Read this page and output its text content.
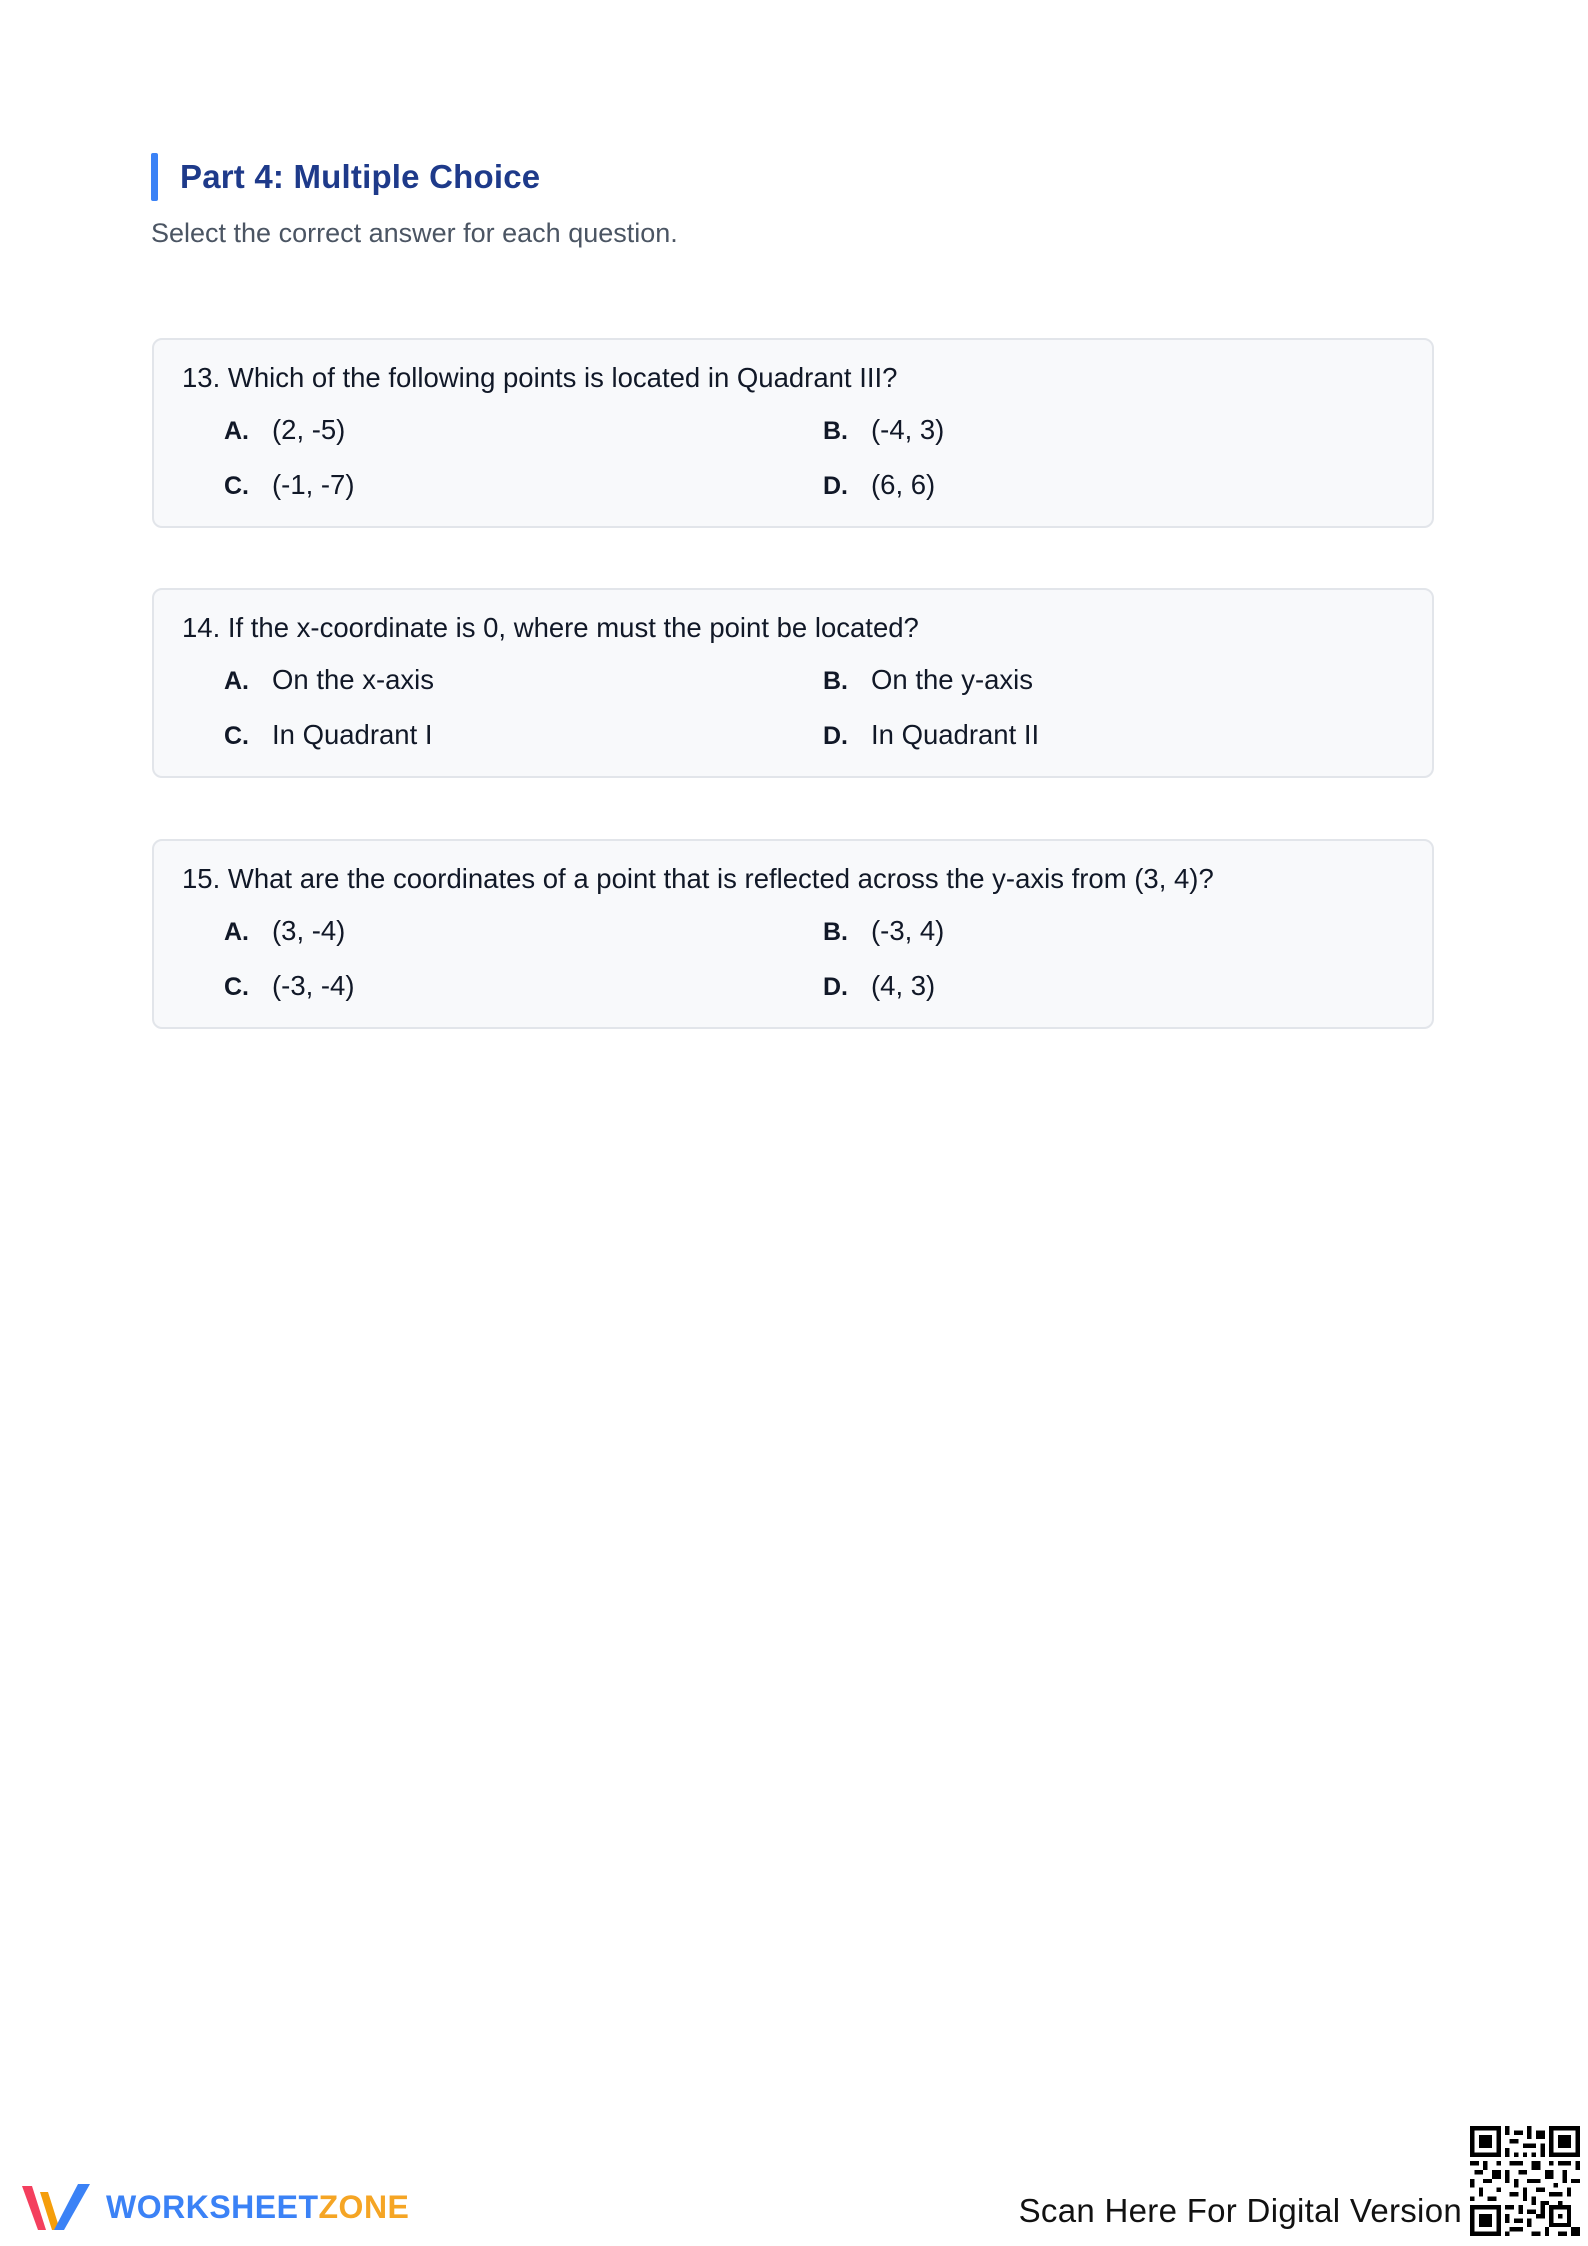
Part 4: Multiple Choice
Select the correct answer for each question.
13. Which of the following points is located in Quadrant III?
A. (2, -5)	B. (-4, 3)
C. (-1, -7)	D. (6, 6)
14. If the x-coordinate is 0, where must the point be located?
A. On the x-axis	B. On the y-axis
C. In Quadrant I	D. In Quadrant II
15. What are the coordinates of a point that is reflected across the y-axis from (3, 4)?
A. (3, -4)	B. (-3, 4)
C. (-3, -4)	D. (4, 3)
WORKSHEETZONE	Scan Here For Digital Version
